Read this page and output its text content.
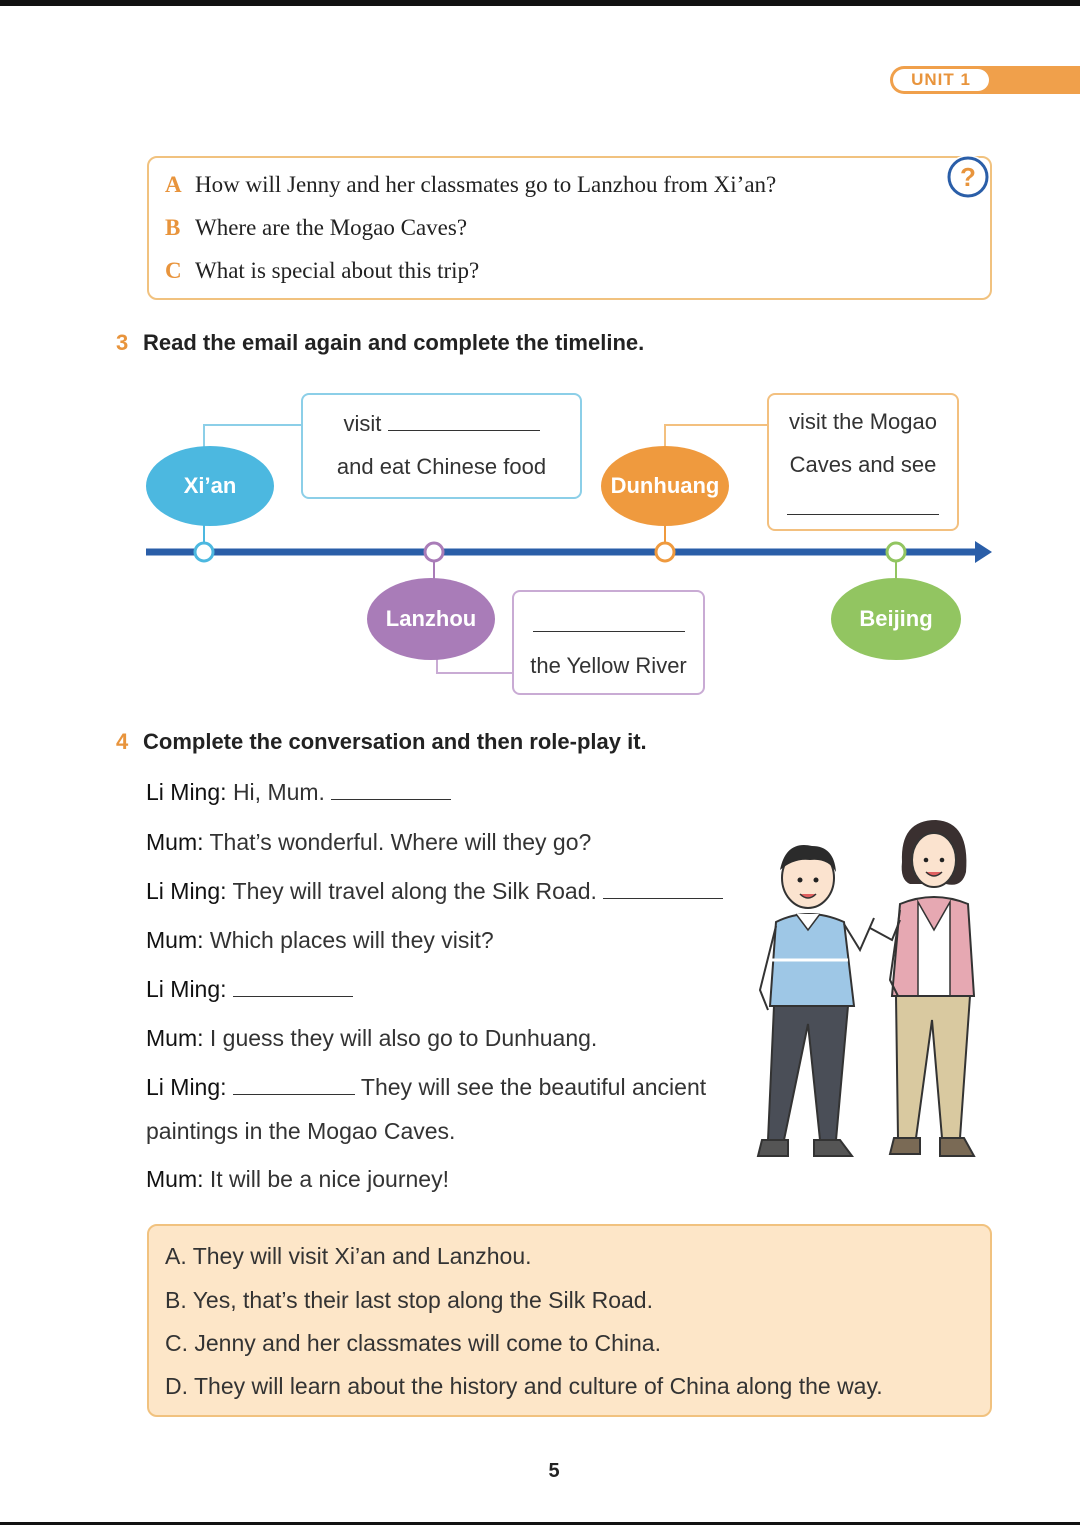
UNIT 1
?
A How will Jenny and her classmates go to Lanzhou from Xi’an?
B Where are the Mogao Caves?
C What is special about this trip?
3 Read the email again and complete the timeline.
Xi’an
Lanzhou
Dunhuang
Beijing
visit
and eat Chinese food
visit the Mogao
Caves and see
the Yellow River
4 Complete the conversation and then role-play it.
Li Ming: Hi, Mum.
Mum: That’s wonderful. Where will they go?
Li Ming: They will travel along the Silk Road.
Mum: Which places will they visit?
Li Ming:
Mum: I guess they will also go to Dunhuang.
Li Ming:	They will see the beautiful ancient
paintings in the Mogao Caves.
Mum: It will be a nice journey!
A. They will visit Xi’an and Lanzhou.
B. Yes, that’s their last stop along the Silk Road.
C. Jenny and her classmates will come to China.
D. They will learn about the history and culture of China along the way.
5
